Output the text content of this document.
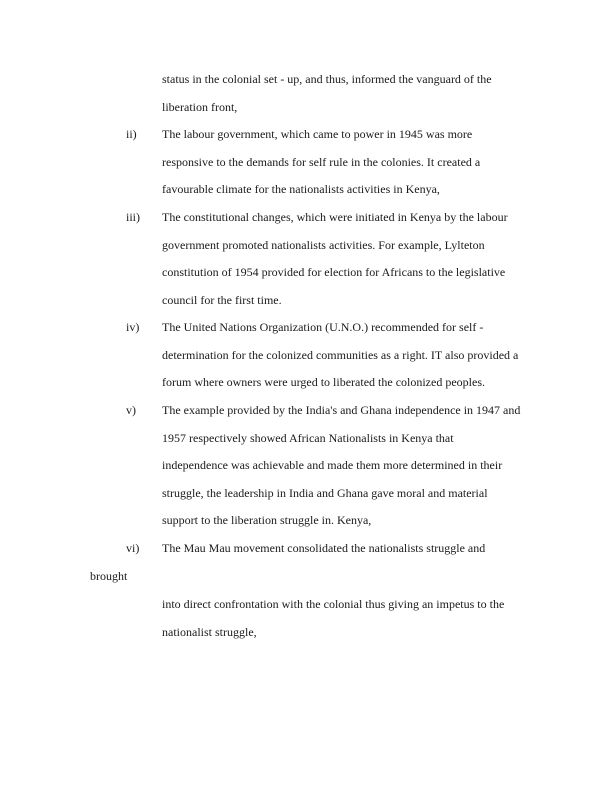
status in the colonial set - up, and thus, informed the vanguard of the
liberation front,
ii) The labour government, which came to power in 1945 was more
responsive to the demands for self rule in the colonies. It created a
favourable climate for the nationalists activities in Kenya,
iii) The constitutional changes, which were initiated in Kenya by the labour
government promoted nationalists activities. For example, Lylteton
constitution of 1954 provided for election for Africans to the legislative
council for the first time.
iv) The United Nations Organization (U.N.O.) recommended for self -
determination for the colonized communities as a right. IT also provided a
forum where owners were urged to liberated the colonized peoples.
v) The example provided by the India's and Ghana independence in 1947 and
1957 respectively showed African Nationalists in Kenya that
independence was achievable and made them more determined in their
struggle, the leadership in India and Ghana gave moral and material
support to the liberation struggle in. Kenya,
vi) The Mau Mau movement consolidated the nationalists struggle and
brought
into direct confrontation with the colonial thus giving an impetus to the
nationalist struggle,
